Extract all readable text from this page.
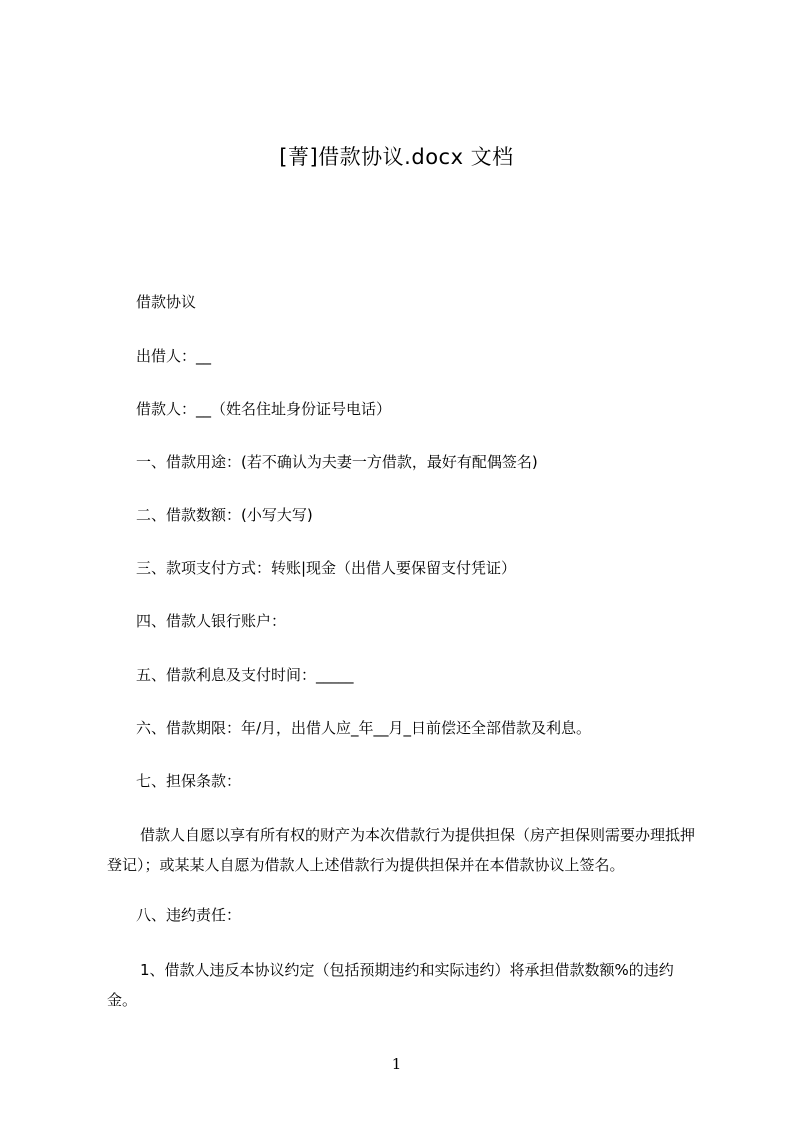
[菁]借款协议.docx 文档
借款协议
出借人：__
借款人：__（姓名住址身份证号电话）
一、借款用途：(若不确认为夫妻一方借款，最好有配偶签名)
二、借款数额：(小写大写)
三、款项支付方式：转账|现金（出借人要保留支付凭证）
四、借款人银行账户：
五、借款利息及支付时间：_____
六、借款期限：年/月，出借人应_年__月_日前偿还全部借款及利息。
七、担保条款：
借款人自愿以享有所有权的财产为本次借款行为提供担保（房产担保则需要办理抵押登记）；或某某人自愿为借款人上述借款行为提供担保并在本借款协议上签名。
八、违约责任：
1、借款人违反本协议约定（包括预期违约和实际违约）将承担借款数额%的违约金。
1
